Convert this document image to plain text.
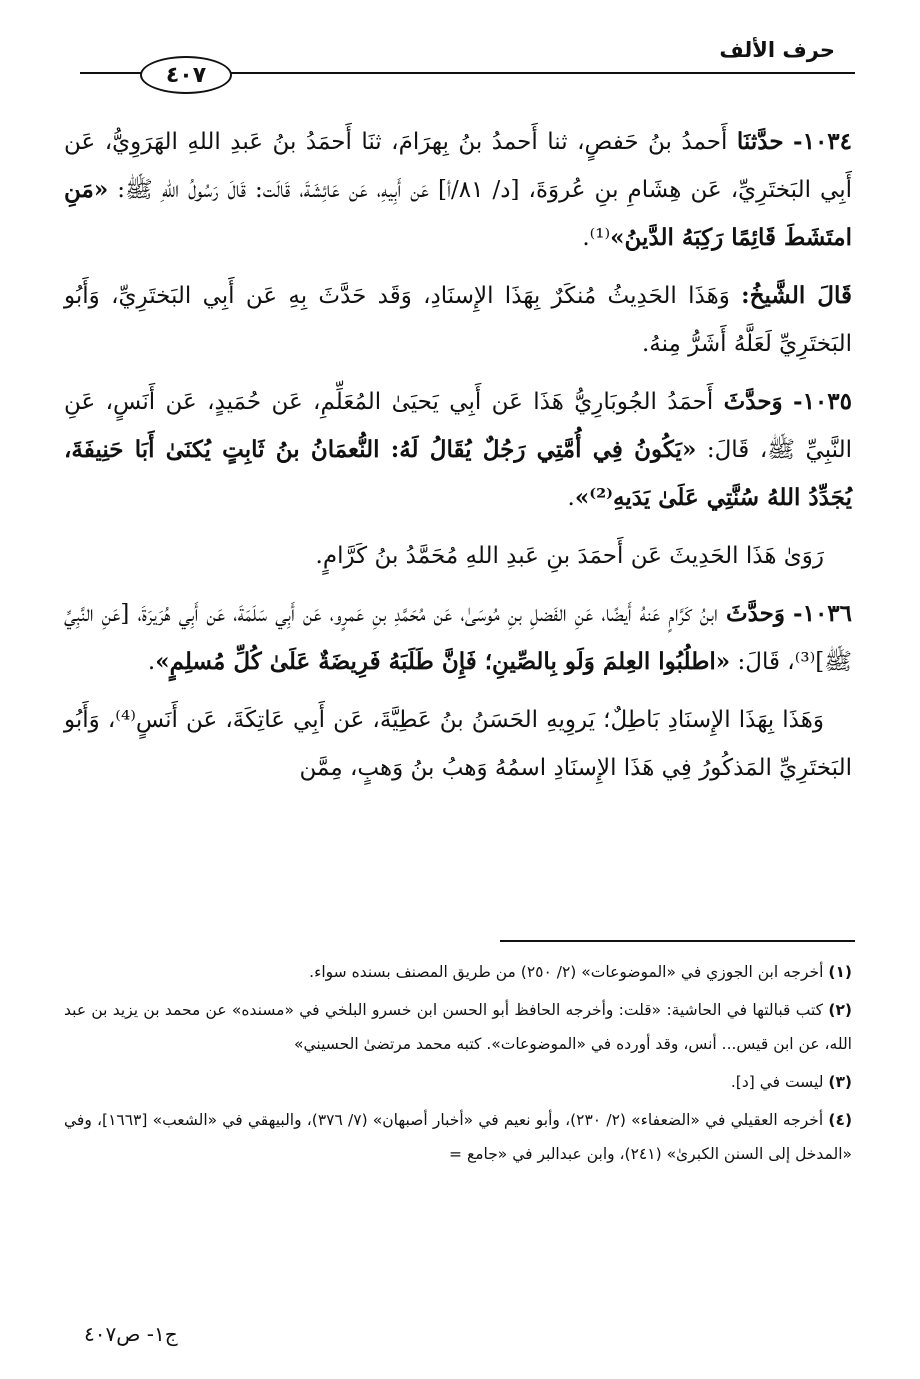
حرف الألف
٤٠٧

١٠٣٤- حدَّثنَا أَحمدُ بنُ حَفصٍ، ثنا أَحمدُ بنُ بِهرَامَ، ثنَا أَحمَدُ بنُ عَبدِ اللهِ الهَرَوِيُّ، عَن أَبِي البَختَرِيِّ، عَن هِشَامِ بنِ عُروَةَ، [د/ ٨١/أ] عَن أَبِيهِ، عَن عَائِشَةَ، قَالَت: قَالَ رَسُولُ اللهِ ﷺ: «مَنِ امتَشَطَ قَائِمًا رَكِبَهُ الدَّينُ»⁽¹⁾.

قَالَ الشَّيخُ: وَهَذَا الحَدِيثُ مُنكَرٌ بِهَذَا الإِسنَادِ، وَقَد حَدَّثَ بِهِ عَن أَبِي البَختَرِيِّ، وَأَبُو البَختَرِيِّ لَعَلَّهُ أَشَرُّ مِنهُ.

١٠٣٥- وَحدَّثَ أَحمَدُ الجُوبَارِيُّ هَذَا عَن أَبِي يَحيَىٰ المُعَلِّمِ، عَن حُمَيدٍ، عَن أَنَسٍ، عَنِ النَّبِيِّ ﷺ، قَالَ: «يَكُونُ فِي أُمَّتِي رَجُلٌ يُقَالُ لَهُ: النُّعمَانُ بنُ ثَابِتٍ يُكنَىٰ أَبَا حَنِيفَةَ، يُجَدِّدُ اللهُ سُنَّتِي عَلَىٰ يَدَيهِ⁽²⁾».

رَوَىٰ هَذَا الحَدِيثَ عَن أَحمَدَ بنِ عَبدِ اللهِ مُحَمَّدُ بنُ كَرَّامٍ.

١٠٣٦- وَحدَّثَ ابنُ كَرَّامٍ عَنهُ أَيضًا، عَنِ الفَضلِ بنِ مُوسَىٰ، عَن مُحَمَّدِ بنِ عَمرٍو، عَن أَبِي سَلَمَةَ، عَن أَبِي هُرَيرَةَ، [عَنِ النَّبِيِّ ﷺ]⁽³⁾، قَالَ: «اطلُبُوا العِلمَ وَلَو بِالصِّينِ؛ فَإِنَّ طَلَبَهُ فَرِيضَةٌ عَلَىٰ كُلِّ مُسلِمٍ».

وَهَذَا بِهَذَا الإِسنَادِ بَاطِلٌ؛ يَروِيهِ الحَسَنُ بنُ عَطِيَّةَ، عَن أَبِي عَاتِكَةَ، عَن أَنَسٍ⁽⁴⁾، وَأَبُو البَختَرِيِّ المَذكُورُ فِي هَذَا الإِسنَادِ اسمُهُ وَهبُ بنُ وَهبٍ، مِمَّن

(١) أخرجه ابن الجوزي في «الموضوعات» (٢/ ٢٥٠) من طريق المصنف بسنده سواء.

(٢) كتب قبالتها في الحاشية: «قلت: وأخرجه الحافظ أبو الحسن ابن خسرو البلخي في «مسنده» عن محمد بن يزيد بن عبد الله، عن ابن قيس... أنس، وقد أورده في «الموضوعات». كتبه محمد مرتضىٰ الحسيني»

(٣) ليست في [د].

(٤) أخرجه العقيلي في «الضعفاء» (٢/ ٢٣٠)، وأبو نعيم في «أخبار أصبهان» (٧/ ٣٧٦)، والبيهقي في «الشعب» [١٦٦٣]، وفي «المدخل إلى السنن الكبرىٰ» (٢٤١)، وابن عبدالبر في «جامع =

ج١- ص٤٠٧
